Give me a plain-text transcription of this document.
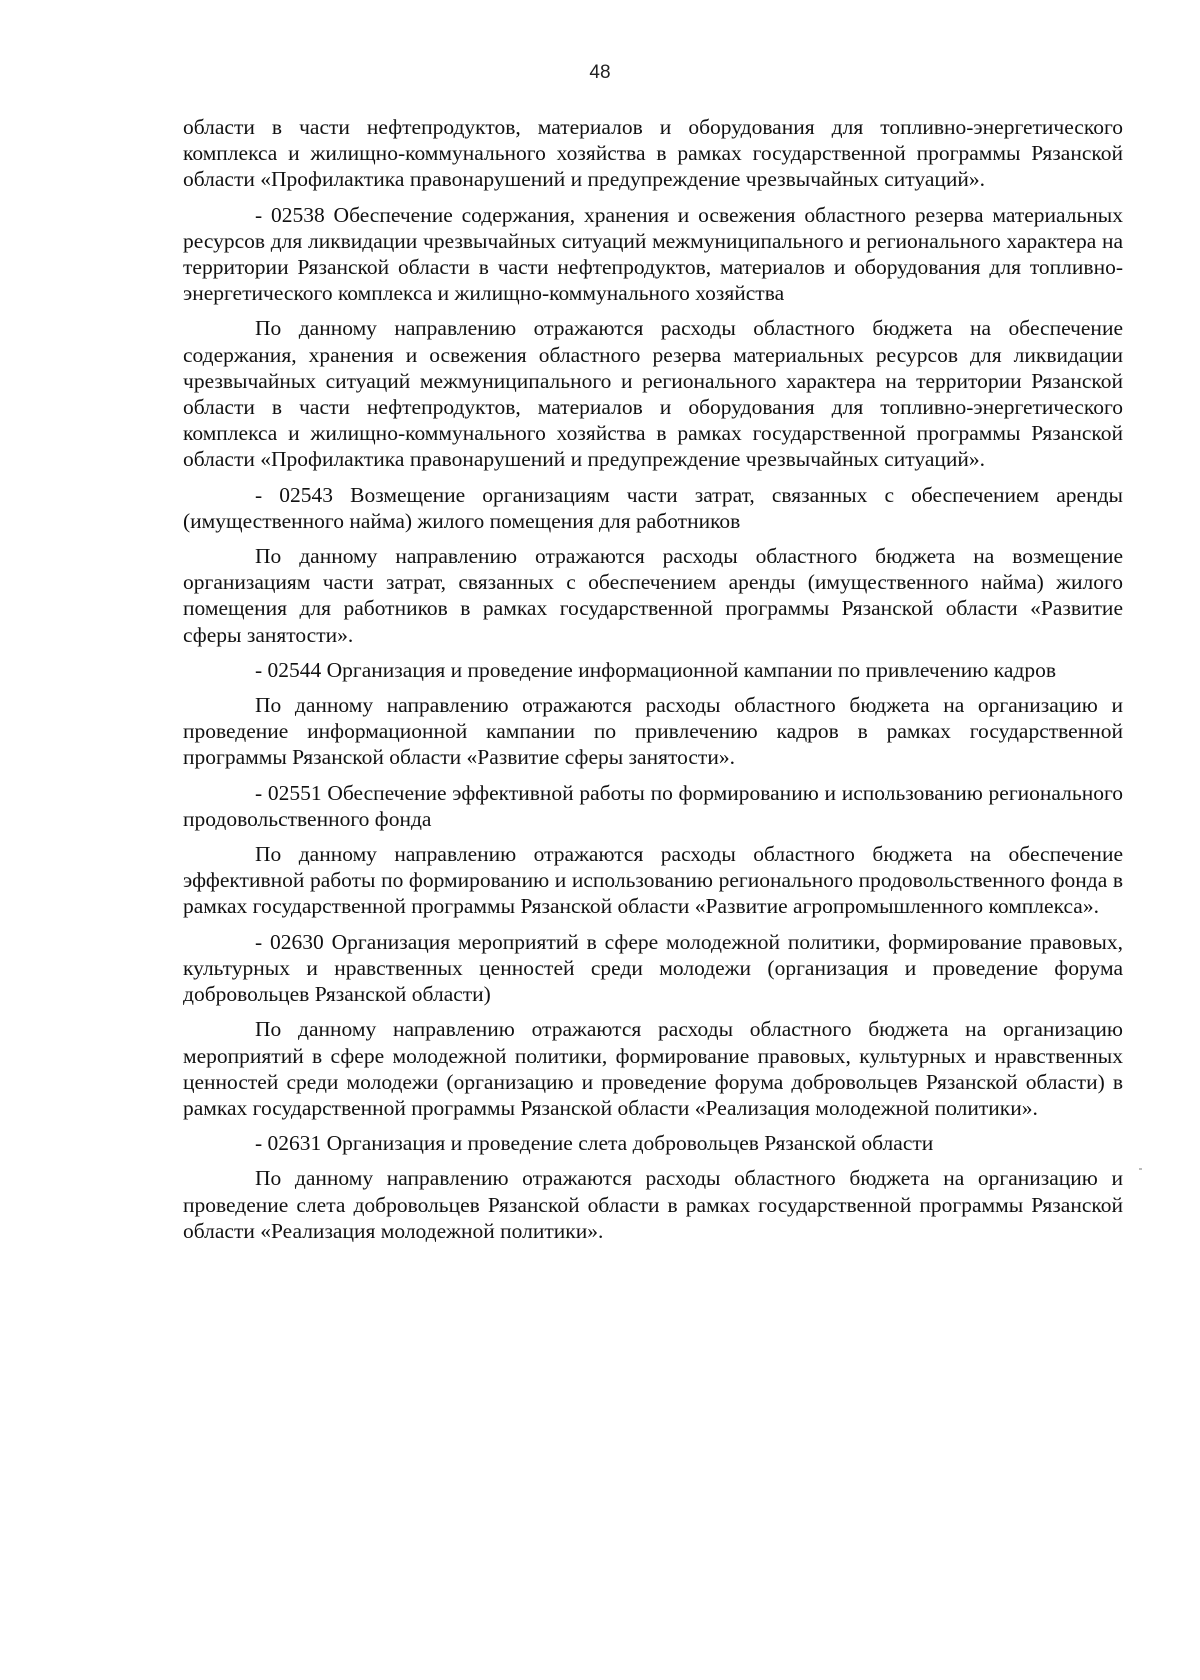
48

области в части нефтепродуктов, материалов и оборудования для топливно-энергетического комплекса и жилищно-коммунального хозяйства в рамках государственной программы Рязанской области «Профилактика правонарушений и предупреждение чрезвычайных ситуаций».

- 02538 Обеспечение содержания, хранения и освежения областного резерва материальных ресурсов для ликвидации чрезвычайных ситуаций межмуниципального и регионального характера на территории Рязанской области в части нефтепродуктов, материалов и оборудования для топливно-энергетического комплекса и жилищно-коммунального хозяйства

По данному направлению отражаются расходы областного бюджета на обеспечение содержания, хранения и освежения областного резерва материальных ресурсов для ликвидации чрезвычайных ситуаций межмуниципального и регионального характера на территории Рязанской области в части нефтепродуктов, материалов и оборудования для топливно-энергетического комплекса и жилищно-коммунального хозяйства в рамках государственной программы Рязанской области «Профилактика правонарушений и предупреждение чрезвычайных ситуаций».

- 02543 Возмещение организациям части затрат, связанных с обеспечением аренды (имущественного найма) жилого помещения для работников

По данному направлению отражаются расходы областного бюджета на возмещение организациям части затрат, связанных с обеспечением аренды (имущественного найма) жилого помещения для работников в рамках государственной программы Рязанской области «Развитие сферы занятости».

- 02544 Организация и проведение информационной кампании по привлечению кадров

По данному направлению отражаются расходы областного бюджета на организацию и проведение информационной кампании по привлечению кадров в рамках государственной программы Рязанской области «Развитие сферы занятости».

- 02551 Обеспечение эффективной работы по формированию и использованию регионального продовольственного фонда

По данному направлению отражаются расходы областного бюджета на обеспечение эффективной работы по формированию и использованию регионального продовольственного фонда в рамках государственной программы Рязанской области «Развитие агропромышленного комплекса».

- 02630 Организация мероприятий в сфере молодежной политики, формирование правовых, культурных и нравственных ценностей среди молодежи (организация и проведение форума добровольцев Рязанской области)

По данному направлению отражаются расходы областного бюджета на организацию мероприятий в сфере молодежной политики, формирование правовых, культурных и нравственных ценностей среди молодежи (организацию и проведение форума добровольцев Рязанской области) в рамках государственной программы Рязанской области «Реализация молодежной политики».

- 02631 Организация и проведение слета добровольцев Рязанской области

По данному направлению отражаются расходы областного бюджета на организацию и проведение слета добровольцев Рязанской области в рамках государственной программы Рязанской области «Реализация молодежной политики».
